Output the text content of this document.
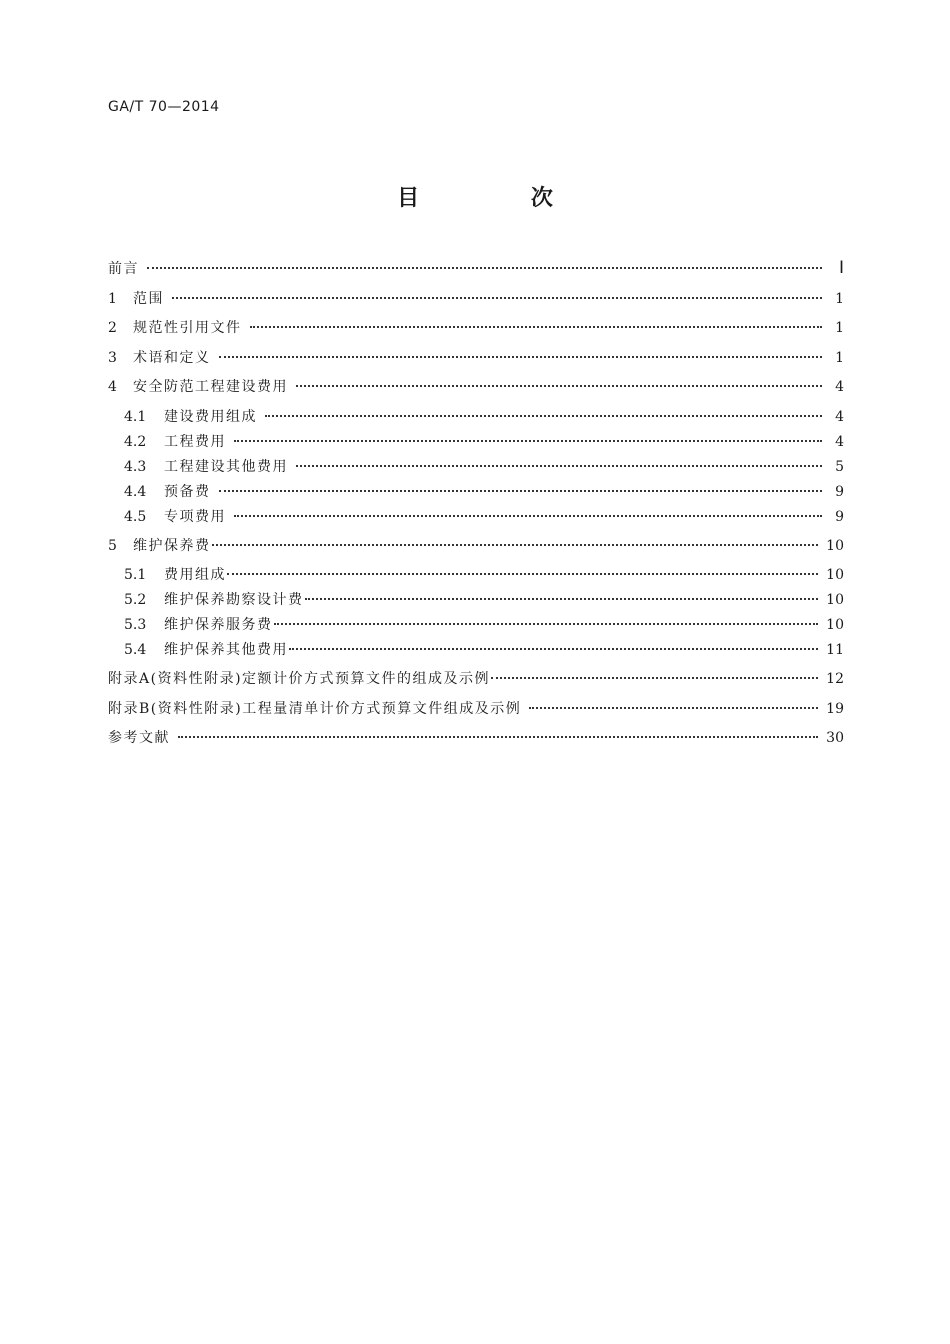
GA/T 70—2014
目 次
前言	Ⅰ
1	范围	1
2	规范性引用文件	1
3	术语和定义	1
4	安全防范工程建设费用	4
4.1	建设费用组成	4
4.2	工程费用	4
4.3	工程建设其他费用	5
4.4	预备费	9
4.5	专项费用	9
5	维护保养费	10
5.1	费用组成	10
5.2	维护保养勘察设计费	10
5.3	维护保养服务费	10
5.4	维护保养其他费用	11
附录A(资料性附录)定额计价方式预算文件的组成及示例	12
附录B(资料性附录)工程量清单计价方式预算文件组成及示例	19
参考文献	30
